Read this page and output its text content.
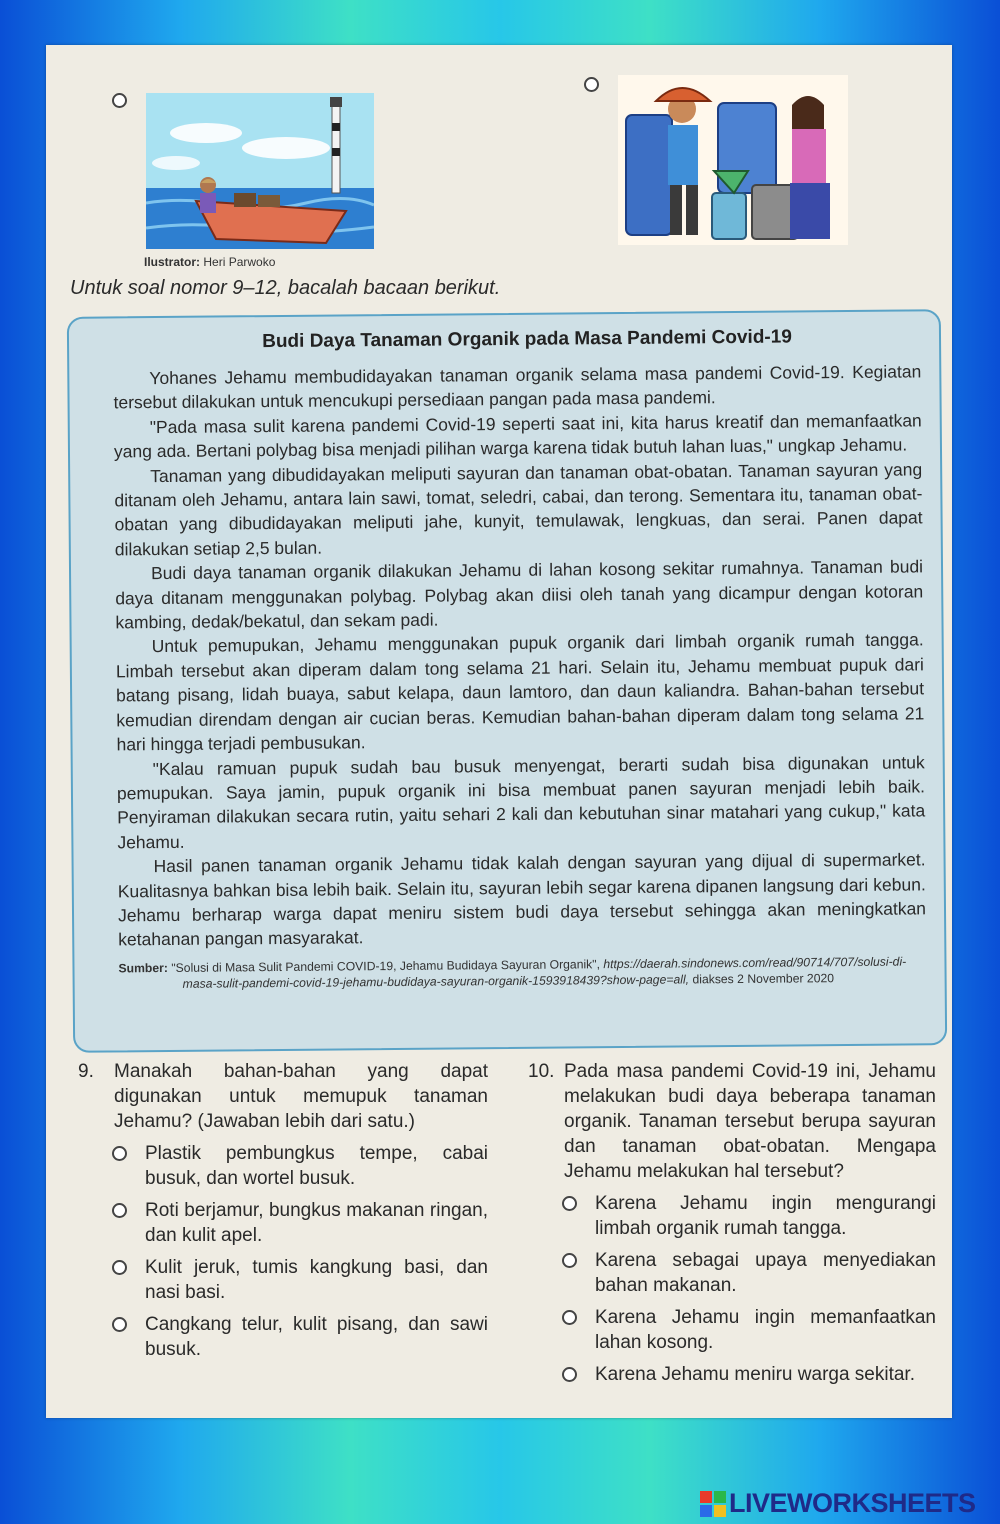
Ilustrator: Heri Parwoko
Untuk soal nomor 9–12, bacalah bacaan berikut.
Budi Daya Tanaman Organik pada Masa Pandemi Covid-19

Yohanes Jehamu membudidayakan tanaman organik selama masa pandemi Covid-19. Kegiatan tersebut dilakukan untuk mencukupi persediaan pangan pada masa pandemi.

"Pada masa sulit karena pandemi Covid-19 seperti saat ini, kita harus kreatif dan memanfaatkan yang ada. Bertani polybag bisa menjadi pilihan warga karena tidak butuh lahan luas," ungkap Jehamu.

Tanaman yang dibudidayakan meliputi sayuran dan tanaman obat-obatan. Tanaman sayuran yang ditanam oleh Jehamu, antara lain sawi, tomat, seledri, cabai, dan terong. Sementara itu, tanaman obat-obatan yang dibudidayakan meliputi jahe, kunyit, temulawak, lengkuas, dan serai. Panen dapat dilakukan setiap 2,5 bulan.

Budi daya tanaman organik dilakukan Jehamu di lahan kosong sekitar rumahnya. Tanaman budi daya ditanam menggunakan polybag. Polybag akan diisi oleh tanah yang dicampur dengan kotoran kambing, dedak/bekatul, dan sekam padi.

Untuk pemupukan, Jehamu menggunakan pupuk organik dari limbah organik rumah tangga. Limbah tersebut akan diperam dalam tong selama 21 hari. Selain itu, Jehamu membuat pupuk dari batang pisang, lidah buaya, sabut kelapa, daun lamtoro, dan daun kaliandra. Bahan-bahan tersebut kemudian direndam dengan air cucian beras. Kemudian bahan-bahan diperam dalam tong selama 21 hari hingga terjadi pembusukan.

"Kalau ramuan pupuk sudah bau busuk menyengat, berarti sudah bisa digunakan untuk pemupukan. Saya jamin, pupuk organik ini bisa membuat panen sayuran menjadi lebih baik. Penyiraman dilakukan secara rutin, yaitu sehari 2 kali dan kebutuhan sinar matahari yang cukup," kata Jehamu.

Hasil panen tanaman organik Jehamu tidak kalah dengan sayuran yang dijual di supermarket. Kualitasnya bahkan bisa lebih baik. Selain itu, sayuran lebih segar karena dipanen langsung dari kebun. Jehamu berharap warga dapat meniru sistem budi daya tersebut sehingga akan meningkatkan ketahanan pangan masyarakat.

Sumber: "Solusi di Masa Sulit Pandemi COVID-19, Jehamu Budidaya Sayuran Organik", https://daerah.sindonews.com/read/90714/707/solusi-di-masa-sulit-pandemi-covid-19-jehamu-budidaya-sayuran-organik-1593918439?show-page=all, diakses 2 November 2020

9.	Manakah bahan-bahan yang dapat digunakan untuk memupuk tanaman Jehamu? (Jawaban lebih dari satu.)
Plastik pembungkus tempe, cabai busuk, dan wortel busuk.
Roti berjamur, bungkus makanan ringan, dan kulit apel.
Kulit jeruk, tumis kangkung basi, dan nasi basi.
Cangkang telur, kulit pisang, dan sawi busuk.
10. Pada masa pandemi Covid-19 ini, Jehamu melakukan budi daya beberapa tanaman organik. Tanaman tersebut berupa sayuran dan tanaman obat-obatan. Mengapa Jehamu melakukan hal tersebut?
Karena Jehamu ingin mengurangi limbah organik rumah tangga.
Karena sebagai upaya menyediakan bahan makanan.
Karena Jehamu ingin memanfaatkan lahan kosong.
Karena Jehamu meniru warga sekitar.
LIVEWORKSHEETS
